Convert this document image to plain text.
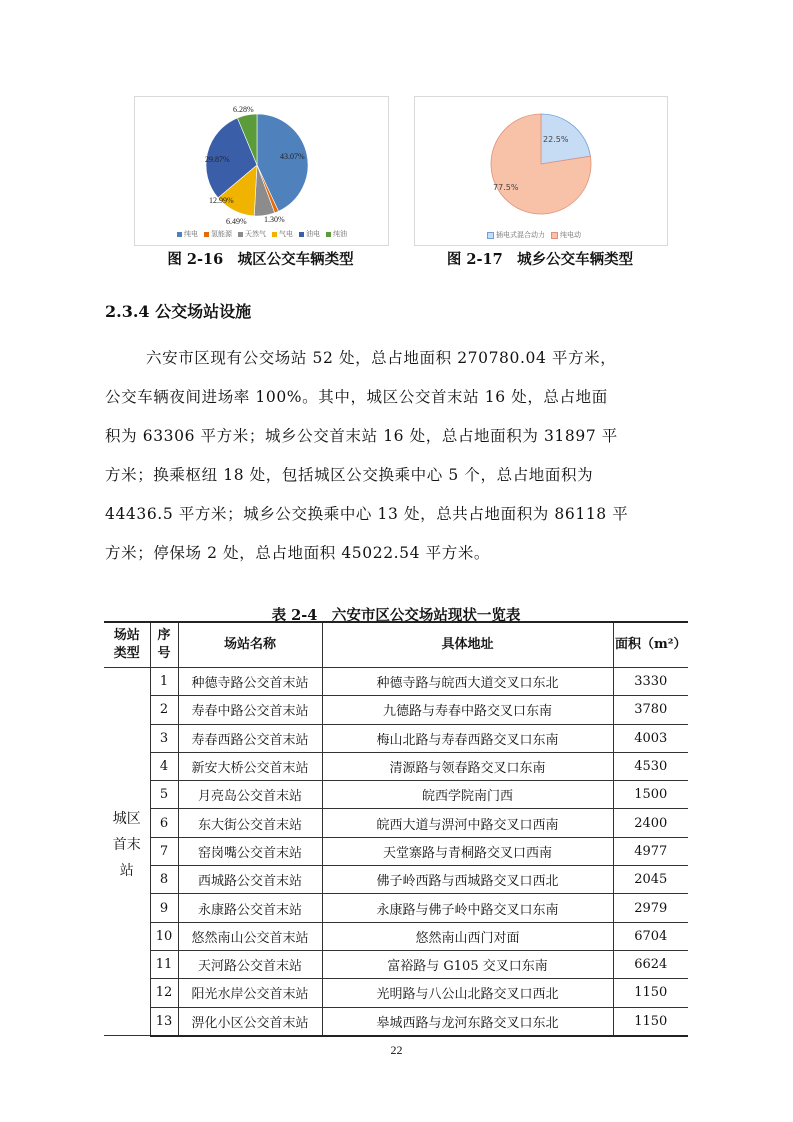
43.07%
1.30%
6.49%
12.99%
29.87%
6.28%
纯电	氢能源	天然气	气电	油电	纯油
图 2-16　城区公交车辆类型
22.5%
77.5%
插电式混合动力	纯电动
图 2-17　城乡公交车辆类型
2.3.4 公交场站设施
六安市区现有公交场站 52 处，总占地面积 270780.04 平方米，
公交车辆夜间进场率 100%。其中，城区公交首末站 16 处，总占地面
积为 63306 平方米；城乡公交首末站 16 处，总占地面积为 31897 平
方米；换乘枢纽 18 处，包括城区公交换乘中心 5 个，总占地面积为
44436.5 平方米；城乡公交换乘中心 13 处，总共占地面积为 86118 平
方米；停保场 2 处，总占地面积 45022.54 平方米。
表 2-4　六安市区公交场站现状一览表
场站
类型	序
号	场站名称	具体地址	面积（m²）
城区
首末
站	1	种德寺路公交首末站	种德寺路与皖西大道交叉口东北	3330
2	寿春中路公交首末站	九德路与寿春中路交叉口东南	3780
3	寿春西路公交首末站	梅山北路与寿春西路交叉口东南	4003
4	新安大桥公交首末站	清源路与领春路交叉口东南	4530
5	月亮岛公交首末站	皖西学院南门西	1500
6	东大街公交首末站	皖西大道与淠河中路交叉口西南	2400
7	窑岗嘴公交首末站	天堂寨路与青桐路交叉口西南	4977
8	西城路公交首末站	佛子岭西路与西城路交叉口西北	2045
9	永康路公交首末站	永康路与佛子岭中路交叉口东南	2979
10	悠然南山公交首末站	悠然南山西门对面	6704
11	天河路公交首末站	富裕路与 G105 交叉口东南	6624
12	阳光水岸公交首末站	光明路与八公山北路交叉口西北	1150
13	淠化小区公交首末站	皋城西路与龙河东路交叉口东北	1150
22
